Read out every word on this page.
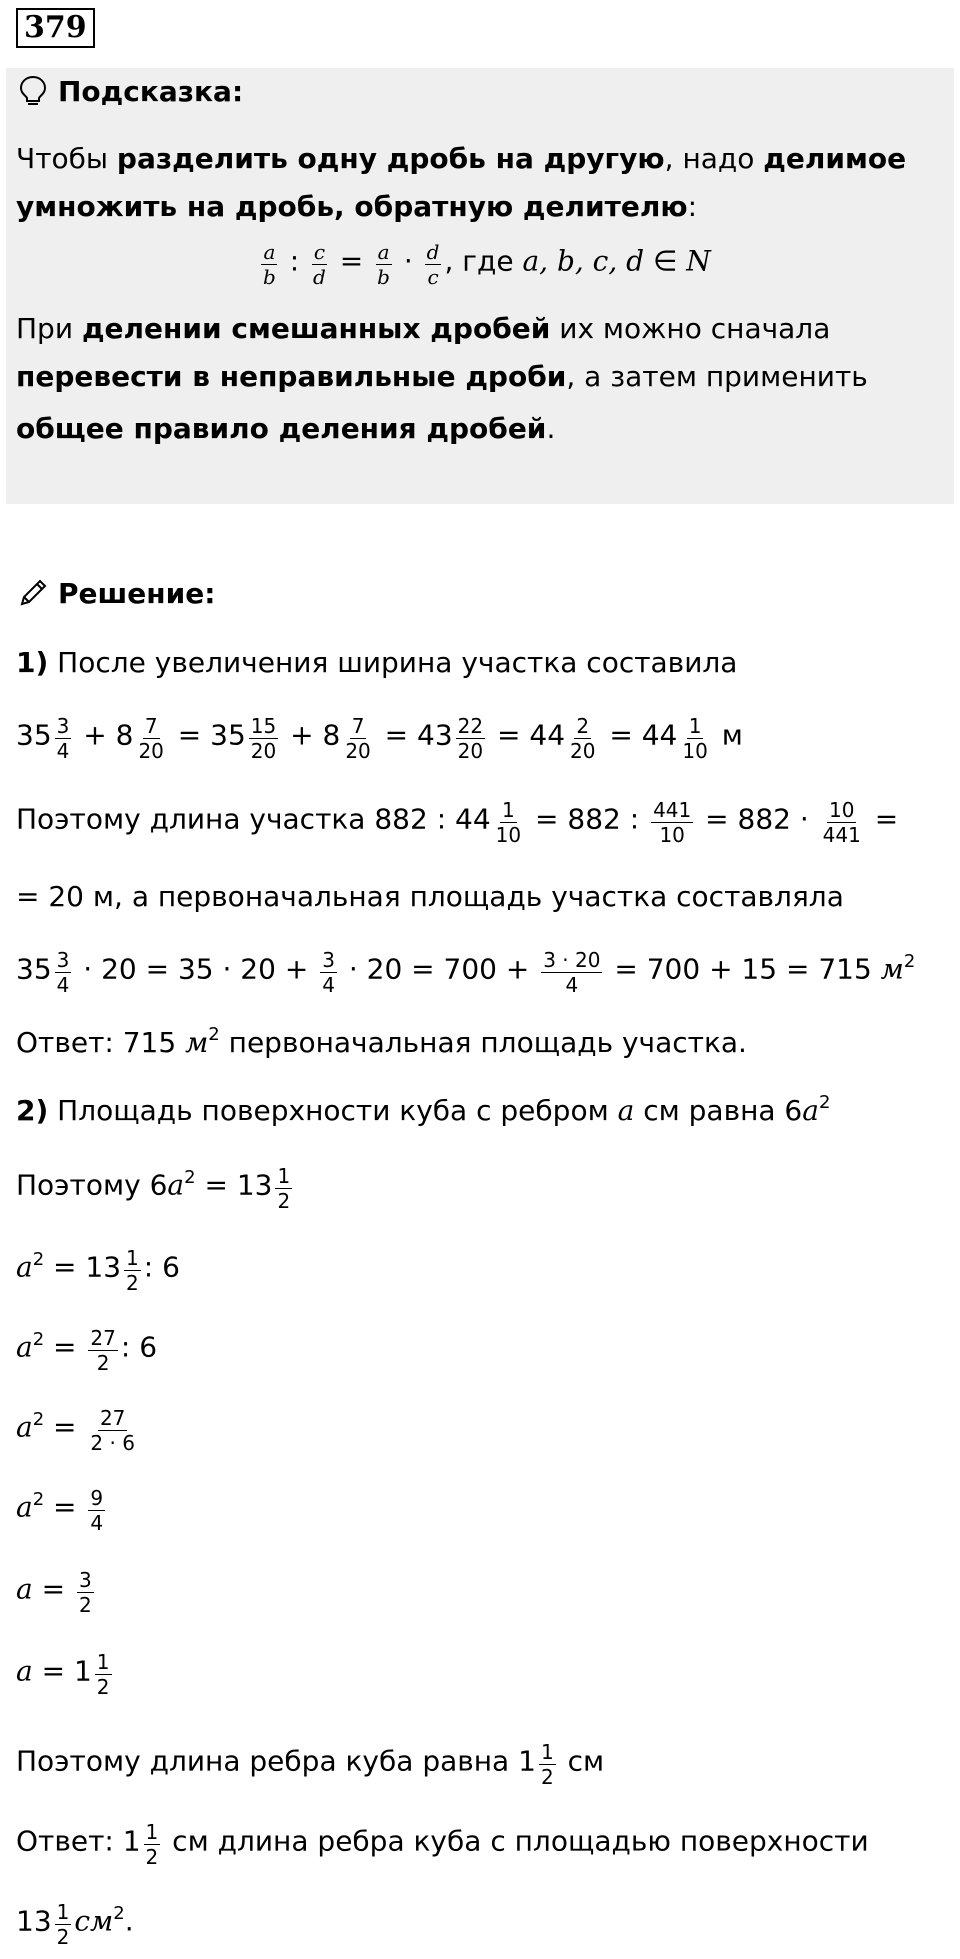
379
Подсказка:
Чтобы разделить одну дробь на другую, надо делимое
умножить на дробь, обратную делителю:
$\frac{a}{b}$ : $\frac{c}{d} = \frac{a}{b} \cdot \frac{d}{c}$ , где a, b, c, d ∈ N
При делении смешанных дробей их можно сначала
перевести в неправильные дроби, а затем применить
общее правило деления дробей.
Решение:
1) После увеличения ширина участка составила
$35 \frac{3}{4} + 8 \frac{7}{20} = 35 \frac{15}{20} + 8 \frac{7}{20} = 43 \frac{22}{20} = 44 \frac{2}{20} = 44 \frac{1}{10}$ м
Поэтому длина участка 882 : $44 \frac{1}{10} = 882$ : $\frac{441}{10} = 882 \cdot \frac{10}{441}$ =
= 20 м, а первоначальная площадь участка составляла
$35 \frac{3}{4} \cdot 20 = 35 \cdot 20 + \frac{3}{4} \cdot 20 = 700 + \frac{3 \cdot 20}{4} = 700 + 15 = 715$ $м^2$
Ответ: 715 $м^2$ первоначальная площадь участка.
2) Площадь поверхности куба с ребром a см равна $6a^2$
Поэтому $6a^2 = 13 \frac{1}{2}$
$a^2 = 13 \frac{1}{2}$ : 6
$a^2 = \frac{27}{2}$ : 6
$a^2 = \frac{27}{2 \cdot 6}$
$a^2 = \frac{9}{4}$
$a = \frac{3}{2}$
$a = 1 \frac{1}{2}$
Поэтому длина ребра куба равна $1 \frac{1}{2}$ см
Ответ: $1 \frac{1}{2}$ см длина ребра куба с площадью поверхности
$13 \frac{1}{2} см^2$.
